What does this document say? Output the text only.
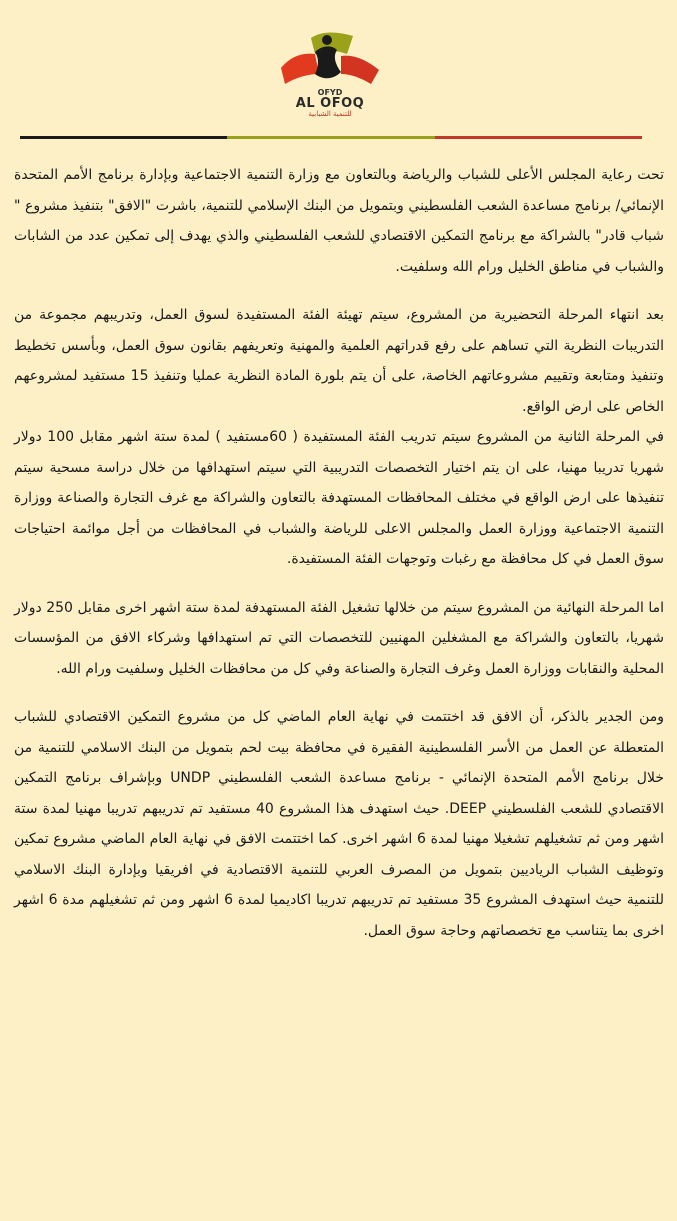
OFYD
AL OFOQ
للتنمية الشبابية

تحت رعاية المجلس الأعلى للشباب والرياضة وبالتعاون مع وزارة التنمية الاجتماعية وبإدارة برنامج الأمم المتحدة الإنمائي/ برنامج مساعدة الشعب الفلسطيني وبتمويل من البنك الإسلامي للتنمية، باشرت "الافق" بتنفيذ مشروع " شباب قادر" بالشراكة مع برنامج التمكين الاقتصادي للشعب الفلسطيني والذي يهدف إلى تمكين عدد من الشابات والشباب في مناطق الخليل ورام الله وسلفيت.

بعد انتهاء المرحلة التحضيرية من المشروع، سيتم تهيئة الفئة المستفيدة لسوق العمل، وتدريبهم مجموعة من التدريبات النظرية التي تساهم على رفع قدراتهم العلمية والمهنية وتعريفهم بقانون سوق العمل، وبأسس تخطيط وتنفيذ ومتابعة وتقييم مشروعاتهم الخاصة، على أن يتم بلورة المادة النظرية عمليا وتنفيذ 15 مستفيد لمشروعهم الخاص على ارض الواقع.

في المرحلة الثانية من المشروع سيتم تدريب الفئة المستفيدة ( 60مستفيد ) لمدة ستة اشهر مقابل 100 دولار شهريا تدريبا مهنيا، على ان يتم اختيار التخصصات التدريبية التي سيتم استهدافها من خلال دراسة مسحية سيتم تنفيذها على ارض الواقع في مختلف المحافظات المستهدفة بالتعاون والشراكة مع غرف التجارة والصناعة ووزارة التنمية الاجتماعية ووزارة العمل والمجلس الاعلى للرياضة والشباب في المحافظات من أجل موائمة احتياجات سوق العمل في كل محافظة مع رغبات وتوجهات الفئة المستفيدة.

اما المرحلة النهائية من المشروع سيتم من خلالها تشغيل الفئة المستهدفة لمدة ستة اشهر اخرى مقابل 250 دولار شهريا، بالتعاون والشراكة مع المشغلين المهنيين للتخصصات التي تم استهدافها وشركاء الافق من المؤسسات المحلية والنقابات ووزارة العمل وغرف التجارة والصناعة وفي كل من محافظات الخليل وسلفيت ورام الله.

ومن الجدير بالذكر، أن الافق قد اختتمت في نهاية العام الماضي كل من مشروع التمكين الاقتصادي للشباب المتعطلة عن العمل من الأسر الفلسطينية الفقيرة في محافظة بيت لحم بتمويل من البنك الاسلامي للتنمية من خلال برنامج الأمم المتحدة الإنمائي - برنامج مساعدة الشعب الفلسطيني UNDP وبإشراف برنامج التمكين الاقتصادي للشعب الفلسطيني DEEP. حيث استهدف هذا المشروع 40 مستفيد تم تدريبهم تدريبا مهنيا لمدة ستة اشهر ومن ثم تشغيلهم تشغيلا مهنيا لمدة 6 اشهر اخرى. كما اختتمت الافق في نهاية العام الماضي مشروع تمكين وتوظيف الشباب الرياديين بتمويل من المصرف العربي للتنمية الاقتصادية في افريقيا وبإدارة البنك الاسلامي للتنمية حيث استهدف المشروع 35 مستفيد تم تدريبهم تدريبا اكاديميا لمدة 6 اشهر ومن ثم تشغيلهم مدة 6 اشهر اخرى بما يتناسب مع تخصصاتهم وحاجة سوق العمل.
